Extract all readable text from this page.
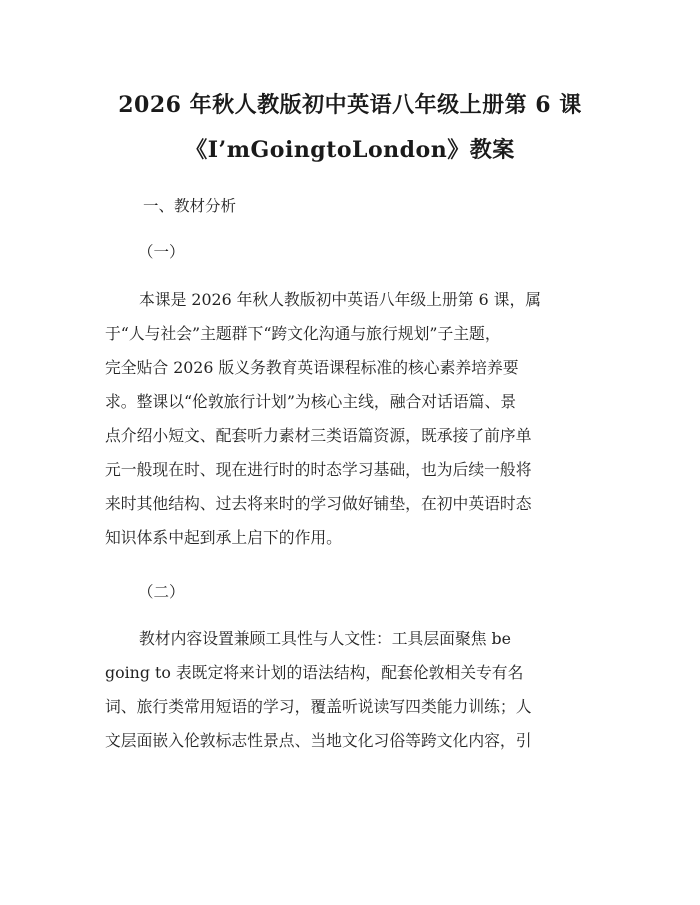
2026 年秋人教版初中英语八年级上册第 6 课
《I’mGoingtoLondon》教案
一、教材分析
（一）
本课是 2026 年秋人教版初中英语八年级上册第 6 课，属
于“人与社会”主题群下“跨文化沟通与旅行规划”子主题，
完全贴合 2026 版义务教育英语课程标准的核心素养培养要
求。整课以“伦敦旅行计划”为核心主线，融合对话语篇、景
点介绍小短文、配套听力素材三类语篇资源，既承接了前序单
元一般现在时、现在进行时的时态学习基础，也为后续一般将
来时其他结构、过去将来时的学习做好铺垫，在初中英语时态
知识体系中起到承上启下的作用。
（二）
教材内容设置兼顾工具性与人文性：工具层面聚焦 be
going to 表既定将来计划的语法结构，配套伦敦相关专有名
词、旅行类常用短语的学习，覆盖听说读写四类能力训练；人
文层面嵌入伦敦标志性景点、当地文化习俗等跨文化内容，引
